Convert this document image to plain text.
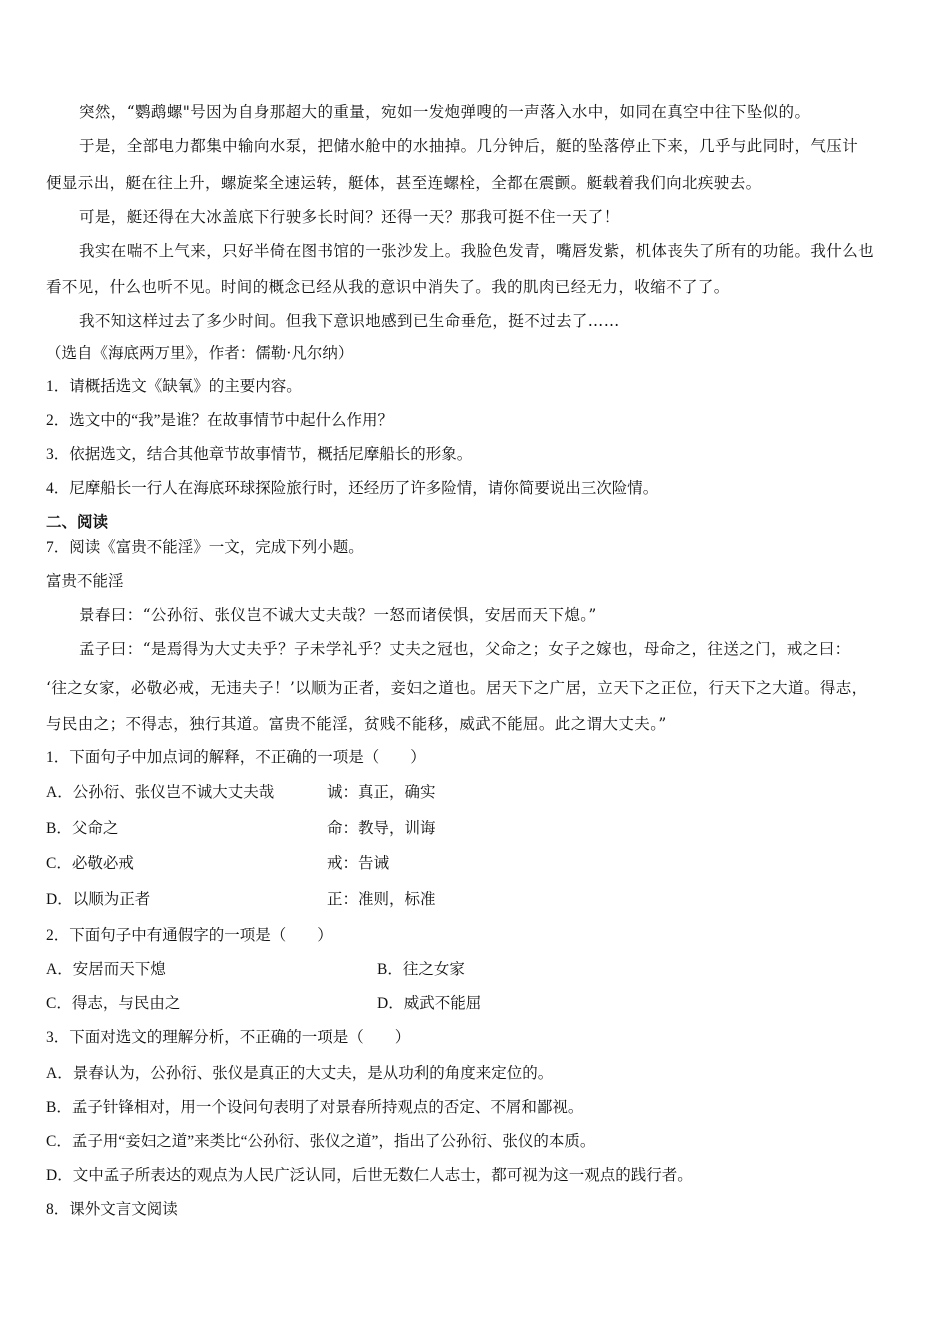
突然，“鹦鹉螺"号因为自身那超大的重量，宛如一发炮弹嗖的一声落入水中，如同在真空中往下坠似的。
于是，全部电力都集中输向水泵，把储水舱中的水抽掉。几分钟后，艇的坠落停止下来，几乎与此同时，气压计
便显示出，艇在往上升，螺旋桨全速运转，艇体，甚至连螺栓，全都在震颤。艇载着我们向北疾驶去。
可是，艇还得在大冰盖底下行驶多长时间？还得一天？那我可挺不住一天了！
我实在喘不上气来，只好半倚在图书馆的一张沙发上。我脸色发青，嘴唇发紫，机体丧失了所有的功能。我什么也
看不见，什么也听不见。时间的概念已经从我的意识中消失了。我的肌肉已经无力，收缩不了了。
我不知这样过去了多少时间。但我下意识地感到已生命垂危，挺不过去了……
（选自《海底两万里》，作者：儒勒·凡尔纳）
1．请概括选文《缺氧》的主要内容。
2．选文中的“我”是谁？在故事情节中起什么作用？
3．依据选文，结合其他章节故事情节，概括尼摩船长的形象。
4．尼摩船长一行人在海底环球探险旅行时，还经历了许多险情，请你简要说出三次险情。
二、阅读
7．阅读《富贵不能淫》一文，完成下列小题。
富贵不能淫
景春曰：“公孙衍、张仪岂不诚大丈夫哉？一怒而诸侯惧，安居而天下熄。”
孟子曰：“是焉得为大丈夫乎？子未学礼乎？丈夫之冠也，父命之；女子之嫁也，母命之，往送之门，戒之曰：
‘往之女家，必敬必戒，无违夫子！’以顺为正者，妾妇之道也。居天下之广居，立天下之正位，行天下之大道。得志，
与民由之；不得志，独行其道。富贵不能淫，贫贱不能移，威武不能屈。此之谓大丈夫。”
1．下面句子中加点词的解释，不正确的一项是（　　）
A．公孙衍、张仪岂不诚大丈夫哉	诚：真正，确实
B．父命之	命：教导，训诲
C．必敬必戒	戒：告诫
D．以顺为正者	正：准则，标准
2．下面句子中有通假字的一项是（　　）
A．安居而天下熄	B．往之女家
C．得志，与民由之	D．威武不能屈
3．下面对选文的理解分析，不正确的一项是（　　）
A．景春认为，公孙衍、张仪是真正的大丈夫，是从功利的角度来定位的。
B．孟子针锋相对，用一个设问句表明了对景春所持观点的否定、不屑和鄙视。
C．孟子用“妾妇之道”来类比“公孙衍、张仪之道”，指出了公孙衍、张仪的本质。
D．文中孟子所表达的观点为人民广泛认同，后世无数仁人志士，都可视为这一观点的践行者。
8．课外文言文阅读
